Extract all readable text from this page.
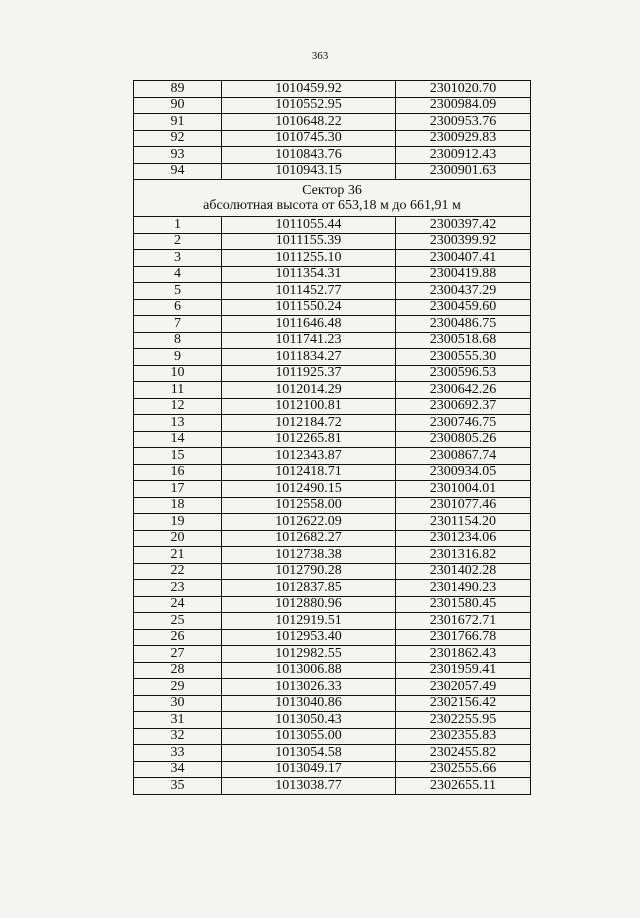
363
89	1010459.92	2301020.70
90	1010552.95	2300984.09
91	1010648.22	2300953.76
92	1010745.30	2300929.83
93	1010843.76	2300912.43
94	1010943.15	2300901.63

Сектор 36
абсолютная высота от 653,18 м до 661,91 м		

1	1011055.44	2300397.42
2	1011155.39	2300399.92
3	1011255.10	2300407.41
4	1011354.31	2300419.88
5	1011452.77	2300437.29
6	1011550.24	2300459.60
7	1011646.48	2300486.75
8	1011741.23	2300518.68
9	1011834.27	2300555.30
10	1011925.37	2300596.53
11	1012014.29	2300642.26
12	1012100.81	2300692.37
13	1012184.72	2300746.75
14	1012265.81	2300805.26
15	1012343.87	2300867.74
16	1012418.71	2300934.05
17	1012490.15	2301004.01
18	1012558.00	2301077.46
19	1012622.09	2301154.20
20	1012682.27	2301234.06
21	1012738.38	2301316.82
22	1012790.28	2301402.28
23	1012837.85	2301490.23
24	1012880.96	2301580.45
25	1012919.51	2301672.71
26	1012953.40	2301766.78
27	1012982.55	2301862.43
28	1013006.88	2301959.41
29	1013026.33	2302057.49
30	1013040.86	2302156.42
31	1013050.43	2302255.95
32	1013055.00	2302355.83
33	1013054.58	2302455.82
34	1013049.17	2302555.66
35	1013038.77	2302655.11
